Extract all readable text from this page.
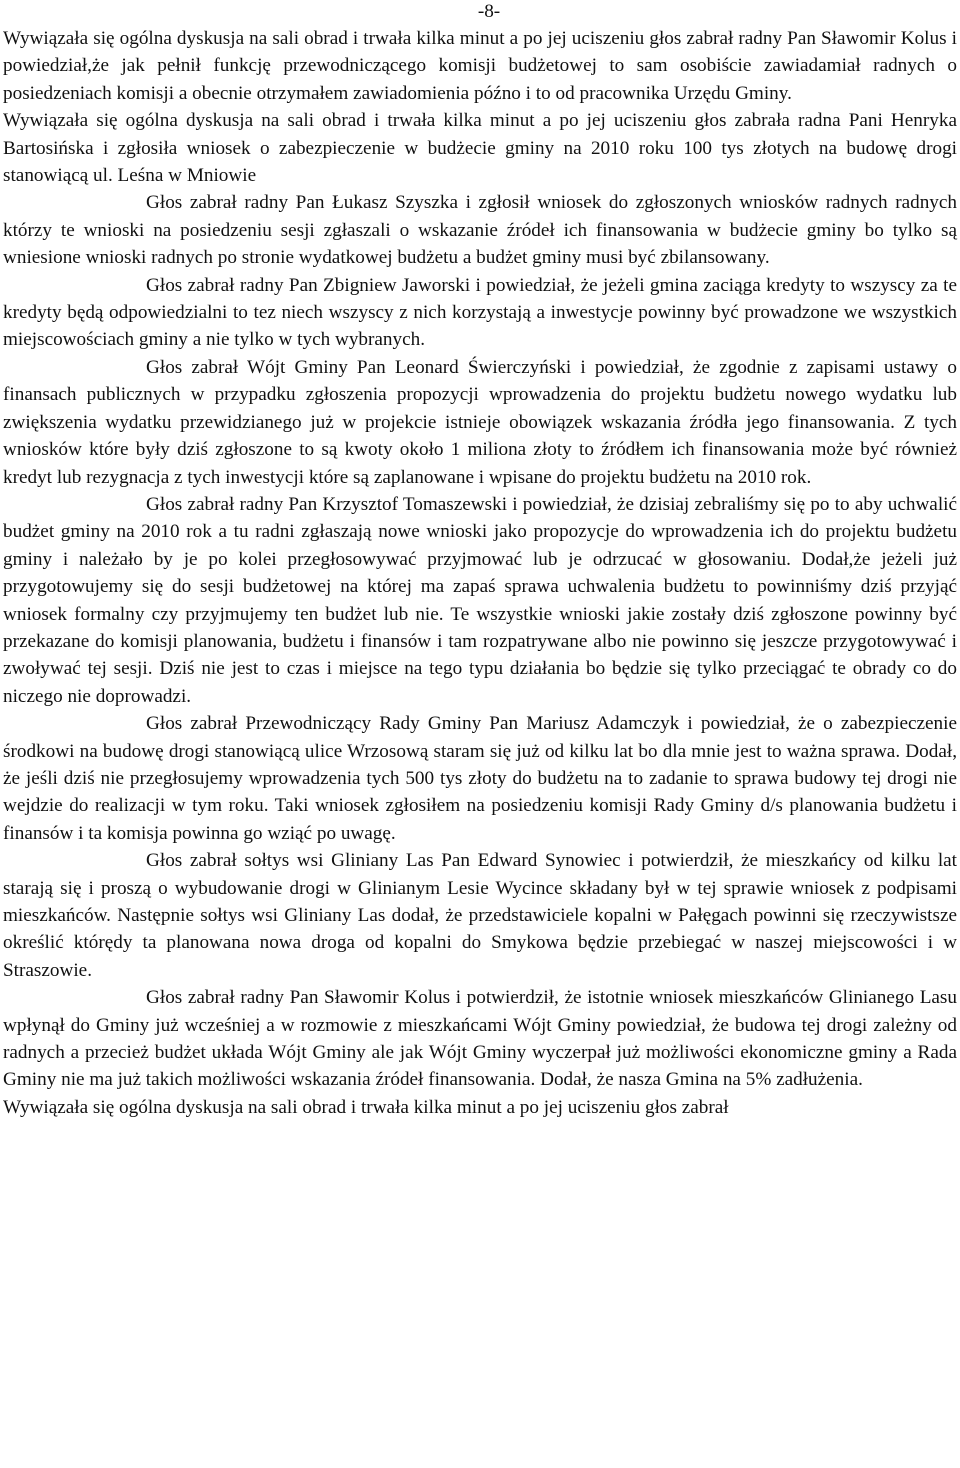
-8-

Wywiązała się ogólna dyskusja na sali obrad i trwała kilka minut a po jej uciszeniu głos zabrał radny Pan Sławomir Kolus i powiedział,że jak pełnił funkcję przewodniczącego komisji budżetowej to sam osobiście zawiadamiał radnych o posiedzeniach komisji a obecnie otrzymałem zawiadomienia późno i to od pracownika Urzędu Gminy.

Wywiązała się ogólna dyskusja na sali obrad i trwała kilka minut a po jej uciszeniu głos zabrała radna Pani Henryka Bartosińska i zgłosiła wniosek o zabezpieczenie w budżecie gminy na 2010 roku 100 tys złotych na budowę drogi stanowiącą ul. Leśna w Mniowie

Głos zabrał radny Pan Łukasz Szyszka i zgłosił wniosek do zgłoszonych wniosków radnych radnych którzy te wnioski na posiedzeniu sesji zgłaszali o wskazanie źródeł ich finansowania w budżecie gminy bo tylko są wniesione wnioski radnych po stronie wydatkowej budżetu a budżet gminy musi być zbilansowany.

Głos zabrał radny Pan Zbigniew Jaworski i powiedział, że jeżeli gmina zaciąga kredyty to wszyscy za te kredyty będą odpowiedzialni to tez niech wszyscy z nich korzystają a inwestycje powinny być prowadzone we wszystkich miejscowościach gminy a nie tylko w tych wybranych.

Głos zabrał Wójt Gminy Pan Leonard Świerczyński i powiedział, że zgodnie z zapisami ustawy o finansach publicznych w przypadku zgłoszenia propozycji wprowadzenia do projektu budżetu nowego wydatku lub zwiększenia wydatku przewidzianego już w projekcie istnieje obowiązek wskazania źródła jego finansowania. Z tych wniosków które były dziś zgłoszone to są kwoty około 1 miliona złoty to źródłem ich finansowania może być również kredyt lub rezygnacja z tych inwestycji które są zaplanowane i wpisane do projektu budżetu na 2010 rok.

Głos zabrał radny Pan Krzysztof Tomaszewski i powiedział, że dzisiaj zebraliśmy się po to aby uchwalić budżet gminy na 2010 rok a tu radni zgłaszają nowe wnioski jako propozycje do wprowadzenia ich do projektu budżetu gminy i należało by je po kolei przegłosowywać przyjmować lub je odrzucać w głosowaniu. Dodał,że jeżeli już przygotowujemy się do sesji budżetowej na której ma zapaś sprawa uchwalenia budżetu to powinniśmy dziś przyjąć wniosek formalny czy przyjmujemy ten budżet lub nie. Te wszystkie wnioski jakie zostały dziś zgłoszone powinny być przekazane do komisji planowania, budżetu i finansów i tam rozpatrywane albo nie powinno się jeszcze przygotowywać i zwoływać tej sesji. Dziś nie jest to czas i miejsce na tego typu działania bo będzie się tylko przeciągać te obrady co do niczego nie doprowadzi.

Głos zabrał Przewodniczący Rady Gminy Pan Mariusz Adamczyk i powiedział, że o zabezpieczenie środkowi na budowę drogi stanowiącą ulice Wrzosową staram się już od kilku lat bo dla mnie jest to ważna sprawa. Dodał, że jeśli dziś nie przegłosujemy wprowadzenia tych 500 tys złoty do budżetu na to zadanie to sprawa budowy tej drogi nie wejdzie do realizacji w tym roku. Taki wniosek zgłosiłem na posiedzeniu komisji Rady Gminy d/s planowania budżetu i finansów i ta komisja powinna go wziąć po uwagę.

Głos zabrał sołtys wsi Gliniany Las Pan Edward Synowiec i potwierdził, że mieszkańcy od kilku lat starają się i proszą o wybudowanie drogi w Glinianym Lesie Wycince składany był w tej sprawie wniosek z podpisami mieszkańców. Następnie sołtys wsi Gliniany Las dodał, że przedstawiciele kopalni w Pałęgach powinni się rzeczywistsze określić którędy ta planowana nowa droga od kopalni do Smykowa będzie przebiegać w naszej miejscowości i w Straszowie.

Głos zabrał radny Pan Sławomir Kolus i potwierdził, że istotnie wniosek mieszkańców Glinianego Lasu wpłynął do Gminy już wcześniej a w rozmowie z mieszkańcami Wójt Gminy powiedział, że budowa tej drogi zależny od radnych a przecież budżet układa Wójt Gminy ale jak Wójt Gminy wyczerpał już możliwości ekonomiczne gminy a Rada Gminy nie ma już takich możliwości wskazania źródeł finansowania. Dodał, że nasza Gmina na 5% zadłużenia.

Wywiązała się ogólna dyskusja na sali obrad i trwała kilka minut a po jej uciszeniu głos zabrał
